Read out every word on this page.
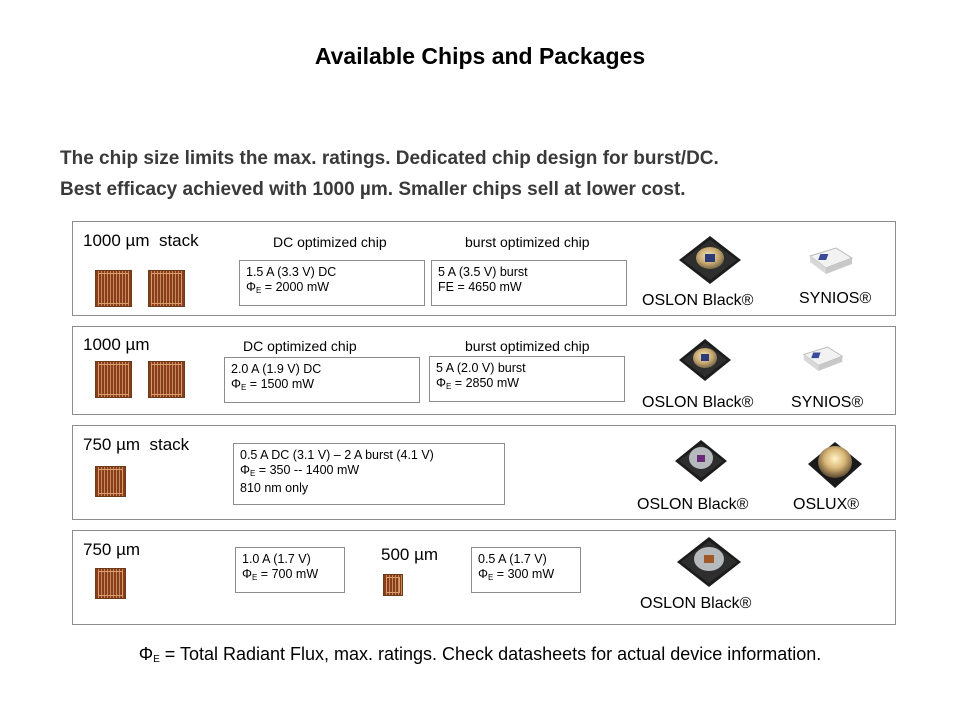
Available Chips and Packages
The chip size limits the max. ratings. Dedicated chip design for burst/DC.
Best efficacy achieved with 1000 µm. Smaller chips sell at lower cost.
1000 µm  stack	DC optimized chip	burst optimized chip
1.5 A (3.3 V) DC
$\Phi_E = 2000$ mW
5 A (3.5 V) burst
FE = 4650 mW
OSLON Black®	SYNIOS®
1000 µm	DC optimized chip	burst optimized chip
2.0 A (1.9 V) DC
$\Phi_E = 1500$ mW
5 A (2.0 V) burst
$\Phi_E = 2850$ mW
OSLON Black® SYNIOS®
750 µm  stack
0.5 A DC (3.1 V) – 2 A burst (4.1 V)
$\Phi_E = 350 -- 1400$ mW
810 nm only
OSLON Black®	OSLUX®
750 µm	1.0 A (1.7 V)
$\Phi_E = 700$ mW
500 µm	0.5 A (1.7 V)
$\Phi_E = 300$ mW
OSLON Black®
$\Phi_E$ = Total Radiant Flux, max. ratings. Check datasheets for actual device information.
